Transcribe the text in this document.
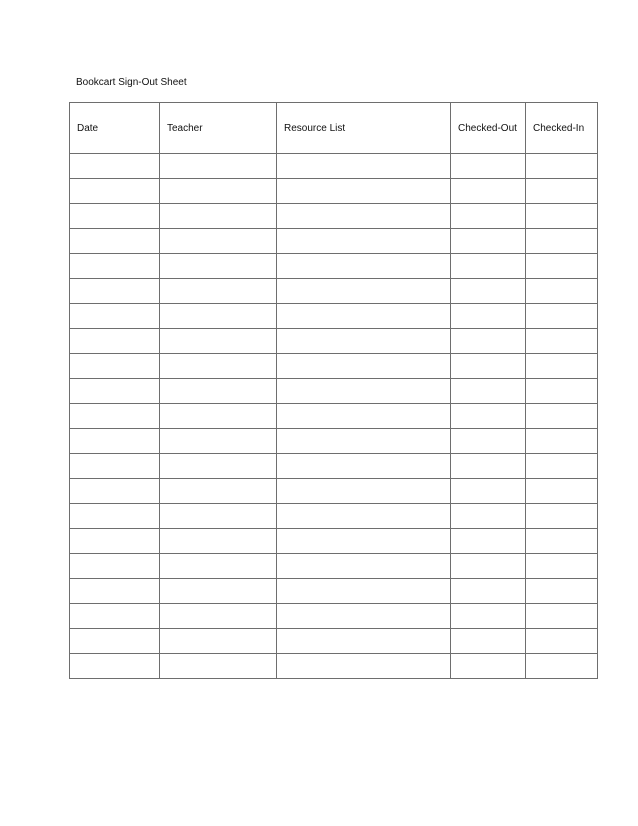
Bookcart Sign-Out Sheet
Date	Teacher	Resource List	Checked-Out	Checked-In
